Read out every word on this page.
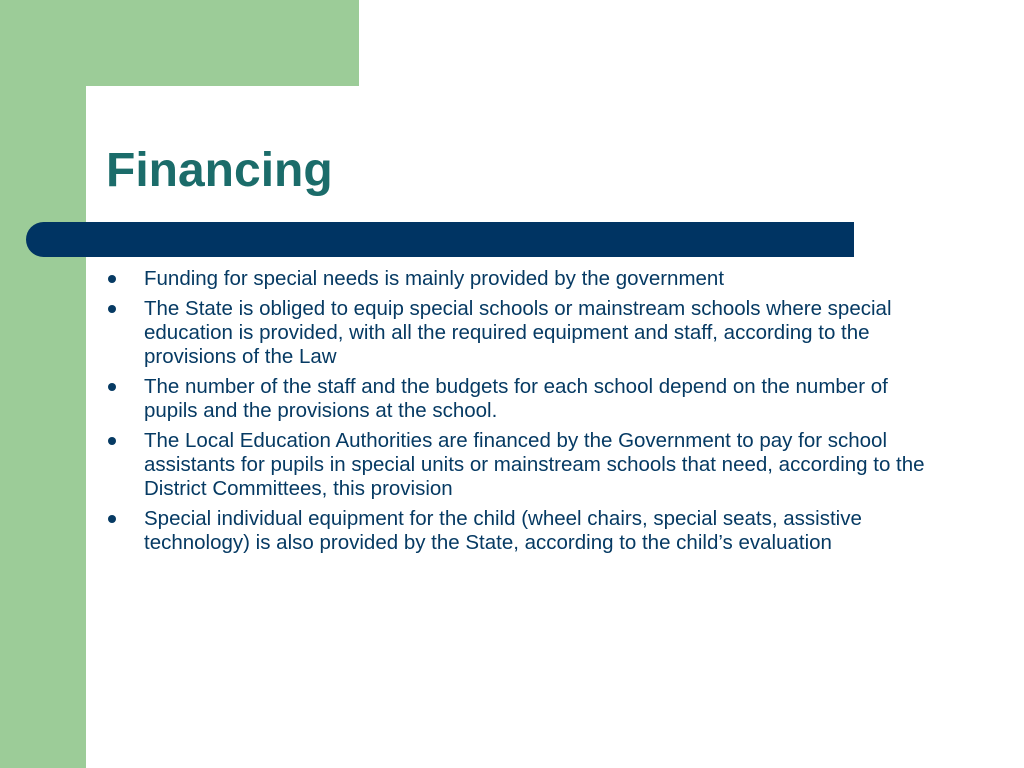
Financing
Funding for special needs is mainly provided by the government
The State is obliged to equip special schools or mainstream schools where special education is provided, with all the required equipment and staff, according to the provisions of the Law
The number of the staff and the budgets for each school depend on the number of pupils and the provisions at the school.
The Local Education Authorities are financed by the Government to pay for school assistants for pupils in special units or mainstream schools that need, according to the District Committees, this provision
Special individual equipment for the child (wheel chairs, special seats, assistive technology) is also provided by the State, according to the child’s evaluation
